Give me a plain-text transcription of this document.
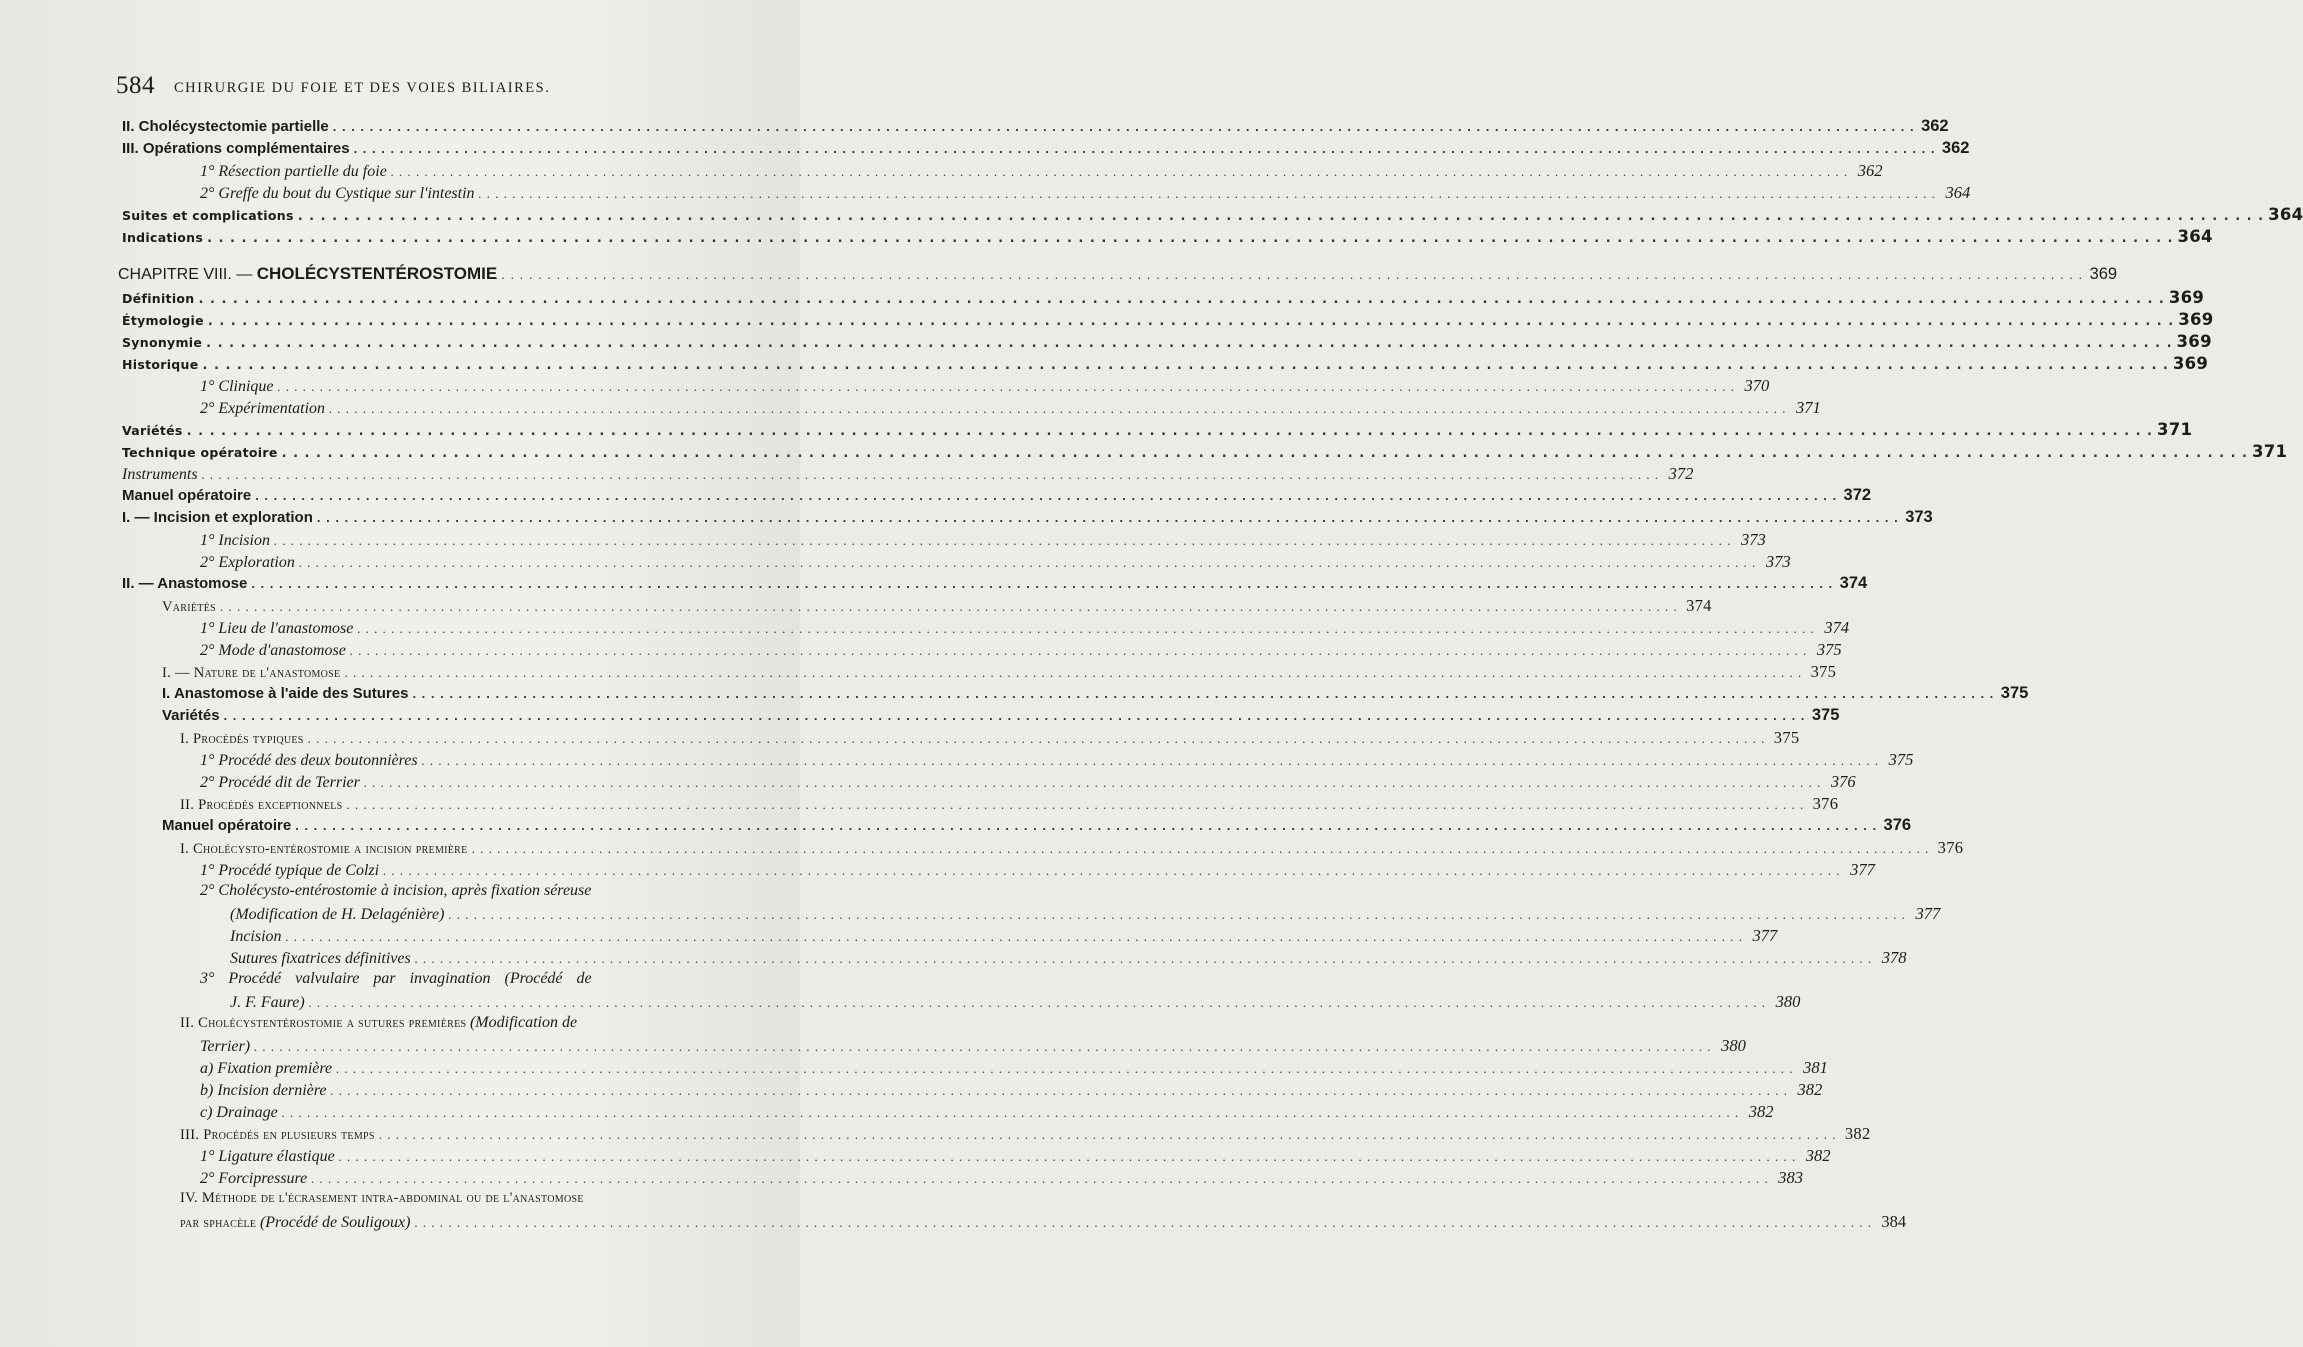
584 CHIRURGIE DU FOIE ET DES VOIES BILIAIRES.
II. Cholécystectomie partielle . . .	362
III. Opérations complémentaires . . .	362
1° Résection partielle du foie . . .	362
2° Greffe du bout du Cystique sur l'intestin . . .	364
Suites et complications . . .	364
Indications . . .	364
CHAPITRE VIII. — CHOLÉCYSTENTÉROSTOMIE . . .	369
Définition . . .	369
Étymologie . . .	369
Synonymie . . .	369
Historique . . .	369
1° Clinique . . .	370
2° Expérimentation . . .	371
Variétés . . .	371
Technique opératoire . . .	371
Instruments . . .	372
Manuel opératoire . . .	372
I. — Incision et exploration . . .	373
1° Incision . . .	373
2° Exploration . . .	373
II. — Anastomose . . .	374
Variétés . . .	374
1° Lieu de l'anastomose . . .	374
2° Mode d'anastomose . . .	375
I. — Nature de l'anastomose . . .	375
I. Anastomose à l'aide des Sutures . . .	375
Variétés . . .	375
I. Procédés typiques . . .	375
1° Procédé des deux boutonnières . . .	375
2° Procédé dit de Terrier . . .	376
II. Procédés exceptionnels . . .	376
Manuel opératoire . . .	376
I. Cholécysto-entérostomie a incision première . . .	376
1° Procédé typique de Colzi . . .	377
2° Cholécysto-entérostomie à incision, après fixation séreuse
(Modification de H. Delagénière) . . .	377
Incision . . .	377
Sutures fixatrices définitives . . .	378
3° Procédé valvulaire par invagination (Procédé de
J. F. Faure) . . .	380
II. Cholécystentérostomie a sutures premières (Modification de
Terrier) . . .	380
a) Fixation première . . .	381
b) Incision dernière . . .	382
c) Drainage . . .	382
III. Procédés en plusieurs temps . . .	382
1° Ligature élastique . . .	382
2° Forcipressure . . .	383
IV. Méthode de l'écrasement intra-abdominal ou de l'anastomose
par sphacèle (Procédé de Souligoux) . . .	384
